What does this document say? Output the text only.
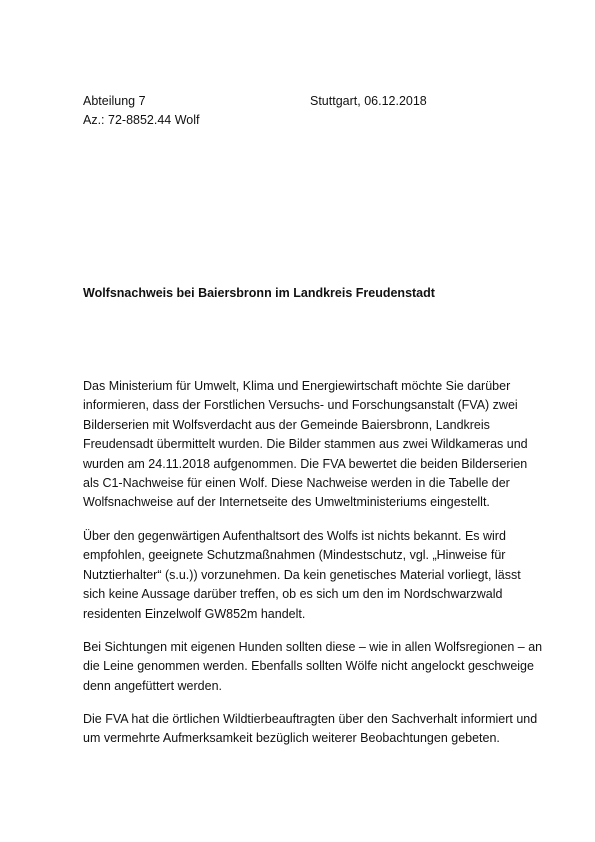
Abteilung 7
Az.: 72-8852.44 Wolf
Stuttgart, 06.12.2018
Wolfsnachweis bei Baiersbronn im Landkreis Freudenstadt
Das Ministerium für Umwelt, Klima und Energiewirtschaft möchte Sie darüber
informieren, dass der Forstlichen Versuchs- und Forschungsanstalt (FVA) zwei
Bilderserien mit Wolfsverdacht aus der Gemeinde Baiersbronn, Landkreis
Freudensadt übermittelt wurden. Die Bilder stammen aus zwei Wildkameras und
wurden am 24.11.2018 aufgenommen. Die FVA bewertet die beiden Bilderserien
als C1-Nachweise für einen Wolf. Diese Nachweise werden in die Tabelle der
Wolfsnachweise auf der Internetseite des Umweltministeriums eingestellt.
Über den gegenwärtigen Aufenthaltsort des Wolfs ist nichts bekannt. Es wird
empfohlen, geeignete Schutzmaßnahmen (Mindestschutz, vgl. „Hinweise für
Nutztierhalter“ (s.u.)) vorzunehmen. Da kein genetisches Material vorliegt, lässt
sich keine Aussage darüber treffen, ob es sich um den im Nordschwarzwald
residenten Einzelwolf GW852m handelt.
Bei Sichtungen mit eigenen Hunden sollten diese – wie in allen Wolfsregionen – an
die Leine genommen werden. Ebenfalls sollten Wölfe nicht angelockt geschweige
denn angefüttert werden.
Die FVA hat die örtlichen Wildtierbeauftragten über den Sachverhalt informiert und
um vermehrte Aufmerksamkeit bezüglich weiterer Beobachtungen gebeten.
